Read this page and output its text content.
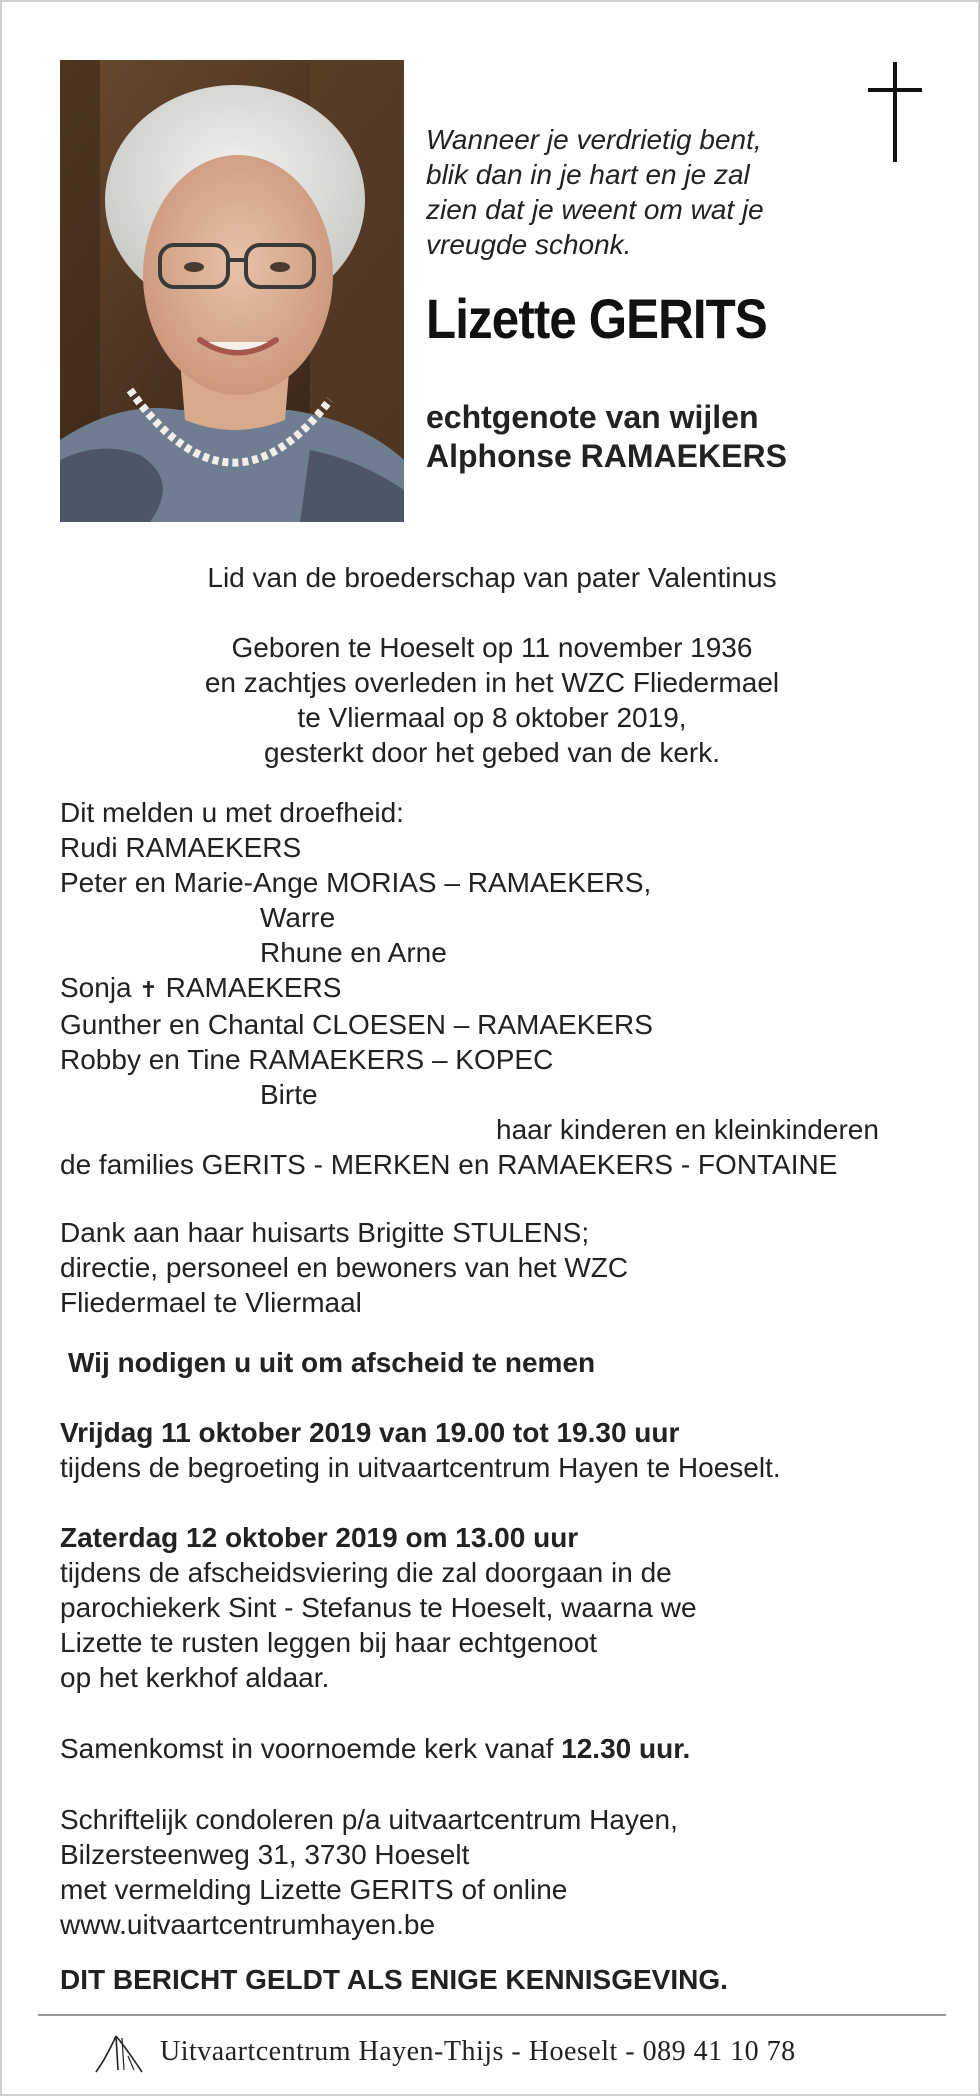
Wanneer je verdrietig bent,
blik dan in je hart en je zal
zien dat je weent om wat je
vreugde schonk.
Lizette GERITS
echtgenote van wijlen
Alphonse RAMAEKERS
Lid van de broederschap van pater Valentinus
Geboren te Hoeselt op 11 november 1936
en zachtjes overleden in het WZC Fliedermael
te Vliermaal op 8 oktober 2019,
gesterkt door het gebed van de kerk.
Dit melden u met droefheid:
Rudi RAMAEKERS
Peter en Marie-Ange MORIAS – RAMAEKERS,
Warre
Rhune en Arne
Sonja ✝ RAMAEKERS
Gunther en Chantal CLOESEN – RAMAEKERS
Robby en Tine RAMAEKERS – KOPEC
Birte
haar kinderen en kleinkinderen
de families GERITS - MERKEN en RAMAEKERS - FONTAINE
Dank aan haar huisarts Brigitte STULENS;
directie, personeel en bewoners van het WZC
Fliedermael te Vliermaal
Wij nodigen u uit om afscheid te nemen
Vrijdag 11 oktober 2019 van 19.00 tot 19.30 uur
tijdens de begroeting in uitvaartcentrum Hayen te Hoeselt.
Zaterdag 12 oktober 2019 om 13.00 uur
tijdens de afscheidsviering die zal doorgaan in de
parochiekerk Sint - Stefanus te Hoeselt, waarna we
Lizette te rusten leggen bij haar echtgenoot
op het kerkhof aldaar.
Samenkomst in voornoemde kerk vanaf 12.30 uur.
Schriftelijk condoleren p/a uitvaartcentrum Hayen,
Bilzersteenweg 31, 3730 Hoeselt
met vermelding Lizette GERITS of online
www.uitvaartcentrumhayen.be
DIT BERICHT GELDT ALS ENIGE KENNISGEVING.
Uitvaartcentrum Hayen-Thijs - Hoeselt - 089 41 10 78
